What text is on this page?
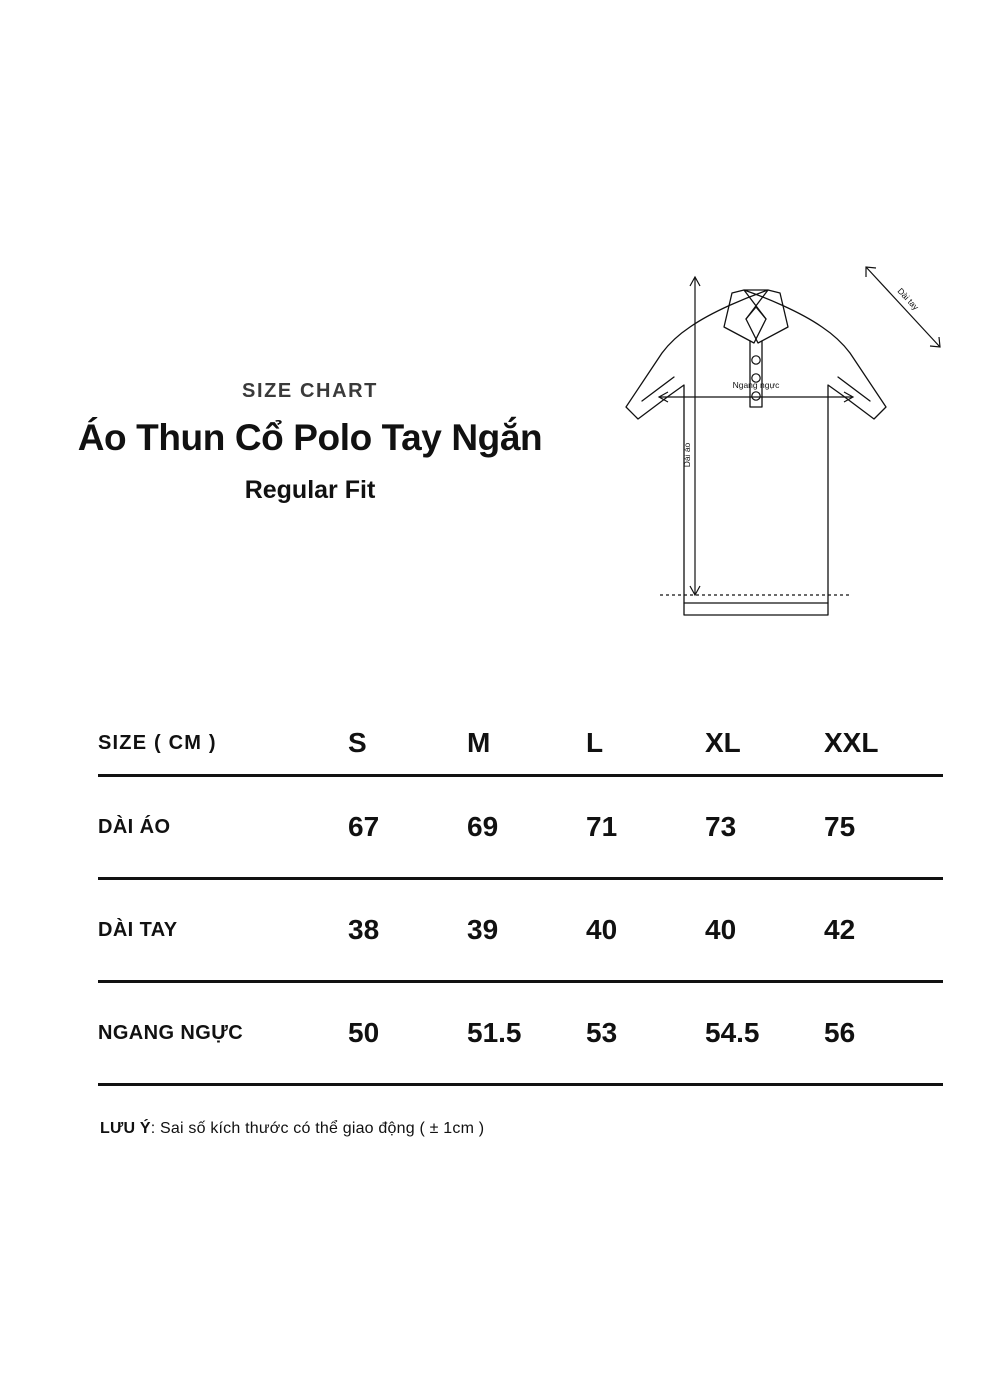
SIZE CHART
Áo Thun Cổ Polo Tay Ngắn
Regular Fit
Ngang ngực
Dài áo
Dài tay
SIZE ( CM )	S	M	L	XL	XXL
DÀI ÁO	67	69	71	73	75
DÀI TAY	38	39	40	40	42
NGANG NGỰC	50	51.5	53	54.5	56
LƯU Ý: Sai số kích thước có thể giao động ( ± 1cm )
